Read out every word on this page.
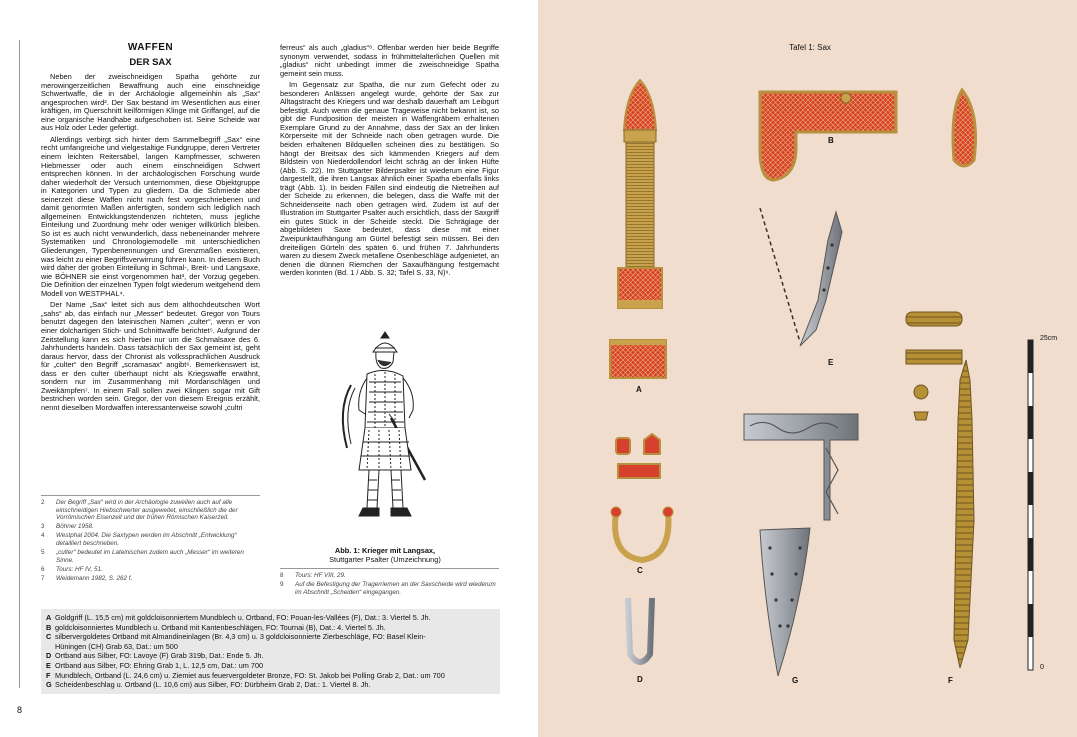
WAFFEN
DER SAX

Neben der zweischneidigen Spatha gehörte zur merowingerzeitlichen Bewaffnung auch eine einschneidige Schwertwaffe, die in der Archäologie allgemeinhin als „Sax“ angesprochen wird². Der Sax bestand im Wesentlichen aus einer kräftigen, im Querschnitt keilförmigen Klinge mit Griffangel, auf die eine organische Handhabe aufgeschoben ist. Seine Scheide war aus Holz oder Leder gefertigt.

Allerdings verbirgt sich hinter dem Sammelbegriff „Sax“ eine recht umfangreiche und vielgestaltige Fundgruppe, deren Vertreter einem leichten Reitersäbel, langen Kampfmesser, schweren Hiebmesser oder auch einem einschneidigen Schwert entsprechen können. In der archäologischen Forschung wurde daher wiederholt der Versuch unternommen, diese Objektgruppe in Kategorien und Typen zu gliedern. Da die Schmiede aber seinerzeit diese Waffen nicht nach fest vorgeschriebenen und damit genormten Maßen anfertigten, sondern sich lediglich nach allgemeinen Entwicklungstendenzen richteten, muss jegliche Einteilung und Zuordnung mehr oder weniger willkürlich bleiben. So ist es auch nicht verwunderlich, dass nebeneinander mehrere Systematiken und Chronologiemodelle mit unterschiedlichen Gliederungen, Typenbenennungen und Grenzmaßen existieren, was leicht zu einer Begriffsverwirrung führen kann. In diesem Buch wird daher der groben Einteilung in Schmal-, Breit- und Langsaxe, wie BÖHNER sie einst vorgenommen hat³, der Vorzug gegeben. Die Definition der einzelnen Typen folgt wiederum weitgehend dem Modell von WESTPHAL⁴.

Der Name „Sax“ leitet sich aus dem althochdeutschen Wort „sahs“ ab, das einfach nur „Messer“ bedeutet. Gregor von Tours benutzt dagegen den lateinischen Namen „culter“, wenn er von einer dolchartigen Stich- und Schnittwaffe berichtet⁵. Aufgrund der Zeitstellung kann es sich hierbei nur um die Schmalsaxe des 6. Jahrhunderts handeln. Dass tatsächlich der Sax gemeint ist, geht daraus hervor, dass der Chronist als volkssprachlichen Ausdruck für „culter“ den Begriff „scramasax“ angibt⁶. Bemerkenswert ist, dass er den culter überhaupt nicht als Kriegswaffe erwähnt, sondern nur im Zusammenhang mit Mordanschlägen und Zweikämpfen⁷. In einem Fall sollen zwei Klingen sogar mit Gift bestrichen worden sein. Gregor, der von diesem Ereignis erzählt, nennt dieselben Mordwaffen interessanterweise sowohl „cultri

ferreus“ als auch „gladius“⁸. Offenbar werden hier beide Begriffe synonym verwendet, sodass in frühmittelalterlichen Quellen mit „gladius“ nicht unbedingt immer die zweischneidige Spatha gemeint sein muss.

Im Gegensatz zur Spatha, die nur zum Gefecht oder zu besonderen Anlässen angelegt wurde, gehörte der Sax zur Alltagstracht des Kriegers und war deshalb dauerhaft am Leibgurt befestigt. Auch wenn die genaue Trageweise nicht bekannt ist, so gibt die Fundposition der meisten in Waffengräbern erhaltenen Exemplare Grund zu der Annahme, dass der Sax an der linken Körperseite mit der Schneide nach oben getragen wurde. Die beiden erhaltenen Bildquellen scheinen dies zu bestätigen. So hängt der Breitsax des sich kämmenden Kriegers auf dem Bildstein von Niederdollendorf leicht schräg an der linken Hüfte (Abb. S. 22). Im Stuttgarter Bilderpsalter ist wiederum eine Figur dargestellt, die ihren Langsax ähnlich einer Spatha ebenfalls links trägt (Abb. 1). In beiden Fällen sind eindeutig die Nietreihen auf der Scheide zu erkennen, die belegen, dass die Waffe mit der Schneidenseite nach oben getragen wird. Zudem ist auf der Illustration im Stuttgarter Psalter auch ersichtlich, dass der Saxgriff ein gutes Stück in der Scheide steckt. Die Schrägiage der abgebildeten Saxe bedeutet, dass diese mit einer Zweipunktaufhängung am Gürtel befestigt sein müssen. Bei den dreiteiligen Gürteln des späten 6. und frühen 7. Jahrhunderts waren zu diesem Zweck metallene Ösenbeschläge aufgenietet, an denen die dünnen Riemchen der Saxaufhängung festgemacht werden konnten (Bd. 1 / Abb. S. 32; Tafel S. 33, N)⁹.

Abb. 1: Krieger mit Langsax,
Stuttgarter Psalter (Umzeichnung)
2	Der Begriff „Sax“ wird in der Archäologie zuweilen auch auf alle einschneidigen Hiebschwerter ausgeweitet, einschließlich die der Vorrömischen Eisenzeit und der frühen Römischen Kaiserzeit.
3	Böhner 1958.
4	Westphal 2004. Die Saxtypen werden im Abschnitt „Entwicklung“ detailliert beschrieben.
5	„culter“ bedeutet im Lateinischen zudem auch „Messer“ im weiteren Sinne.
6	Tours: HF IV, 51.
7	Weidemann 1982, S. 262 f.	8	Tours: HF VIII, 29.
9	Auf die Befestigung der Tragerriemen an der Saxscheide wird wiederum im Abschnitt „Scheiden“ eingegangen.
A Goldgriff (L. 15,5 cm) mit goldcloisonniertem Mundblech u. Ortband, FO: Pouan-les-Vallées (F), Dat.: 3. Viertel 5. Jh.
B goldcloisonniertes Mundblech u. Ortband mit Kantenbeschlägen, FO: Tournai (B), Dat.: 4. Viertel 5. Jh.
C silbervergoldetes Ortband mit Almandineinlagen (Br. 4,3 cm) u. 3 goldcloisonnierte Zierbeschläge, FO: Basel Klein-
Hüningen (CH) Grab 63, Dat.: um 500
D Ortband aus Silber, FO: Lavoye (F) Grab 319b, Dat.: Ende 5. Jh.
E Ortband aus Silber, FO: Ehring Grab 1, L. 12,5 cm, Dat.: um 700
F Mundblech, Ortband (L. 24,6 cm) u. Ziemiet aus feuervergoldeter Bronze, FO: St. Jakob bei Polling Grab 2, Dat.: um 700
G Scheidenbeschlag u. Ortband (L. 10,6 cm) aus Silber, FO: Dürbheim Grab 2, Dat.: 1. Viertel 8. Jh.
8
Tafel 1: Sax
A
B
C
D
E
F
G
25cm
0
